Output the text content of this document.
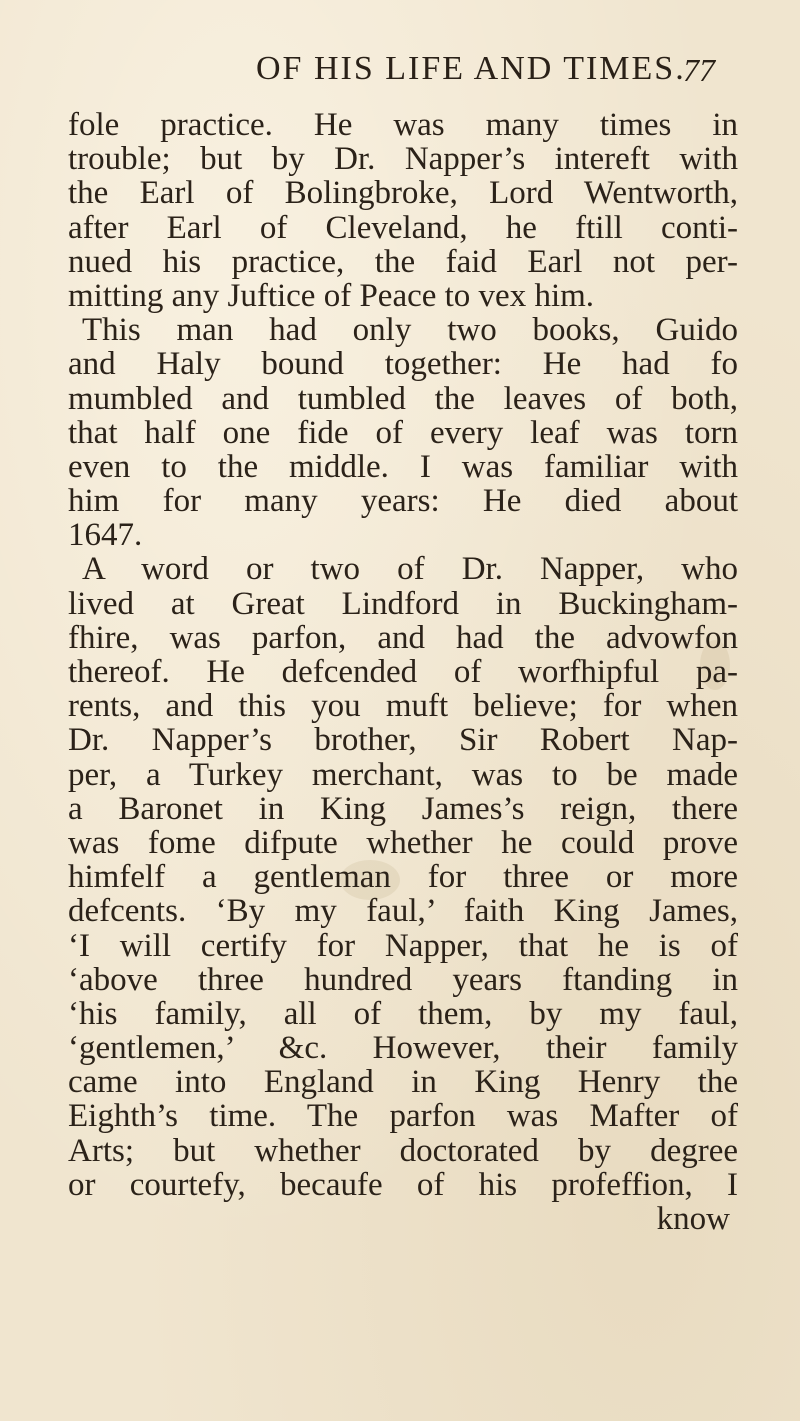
OF HIS LIFE AND TIMES.
77
fole practice. He was many times in
trouble; but by Dr. Napper’s intereft with
the Earl of Bolingbroke, Lord Wentworth,
after Earl of Cleveland, he ftill conti-
nued his practice, the faid Earl not per-
mitting any Juftice of Peace to vex him.
This man had only two books, Guido
and Haly bound together: He had fo
mumbled and tumbled the leaves of both,
that half one fide of every leaf was torn
even to the middle. I was familiar with
him for many years: He died about
1647.
A word or two of Dr. Napper, who
lived at Great Lindford in Buckingham-
fhire, was parfon, and had the advowfon
thereof. He defcended of worfhipful pa-
rents, and this you muft believe; for when
Dr. Napper’s brother, Sir Robert Nap-
per, a Turkey merchant, was to be made
a Baronet in King James’s reign, there
was fome difpute whether he could prove
himfelf a gentleman for three or more
defcents. ‘By my faul,’ faith King James,
‘I will certify for Napper, that he is of
‘above three hundred years ftanding in
‘his family, all of them, by my faul,
‘gentlemen,’ &c. However, their family
came into England in King Henry the
Eighth’s time. The parfon was Mafter of
Arts; but whether doctorated by degree
or courtefy, becaufe of his profeffion, I
know
